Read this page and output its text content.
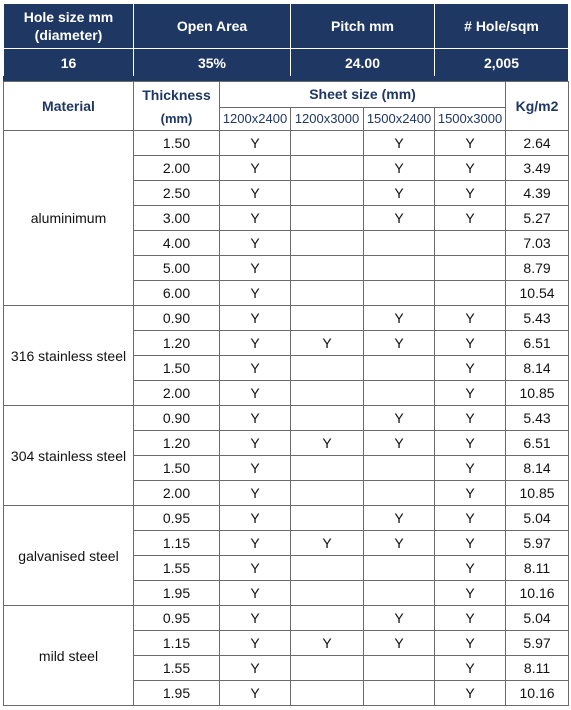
Hole size mm
(diameter)	Open Area	Pitch mm	# Hole/sqm
16	35%	24.00	2,005
Material	Thickness	Sheet size (mm)				Kg/m2
	(mm)	1200x2400	1200x3000	1500x2400	1500x3000	
aluminimum	1.50	Y		Y	Y	2.64
	2.00	Y		Y	Y	3.49
	2.50	Y		Y	Y	4.39
	3.00	Y		Y	Y	5.27
	4.00	Y				7.03
	5.00	Y				8.79
	6.00	Y				10.54
316 stainless steel	0.90	Y		Y	Y	5.43
	1.20	Y	Y	Y	Y	6.51
	1.50	Y			Y	8.14
	2.00	Y			Y	10.85
304 stainless steel	0.90	Y		Y	Y	5.43
	1.20	Y	Y	Y	Y	6.51
	1.50	Y			Y	8.14
	2.00	Y			Y	10.85
galvanised steel	0.95	Y		Y	Y	5.04
	1.15	Y	Y	Y	Y	5.97
	1.55	Y			Y	8.11
	1.95	Y			Y	10.16
mild steel	0.95	Y		Y	Y	5.04
	1.15	Y	Y	Y	Y	5.97
	1.55	Y			Y	8.11
	1.95	Y			Y	10.16
